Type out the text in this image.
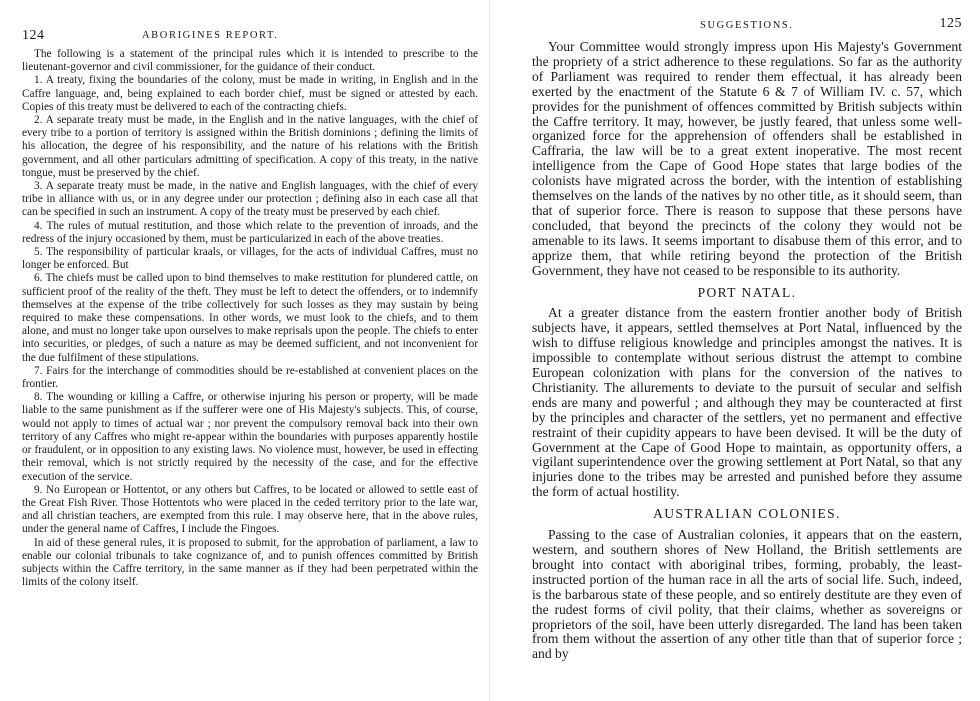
124	ABORIGINES REPORT.

The following is a statement of the principal rules which it is intended to prescribe to the lieutenant-governor and civil commissioner, for the guidance of their conduct.

1. A treaty, fixing the boundaries of the colony, must be made in writing, in English and in the Caffre language, and, being explained to each border chief, must be signed or attested by each. Copies of this treaty must be delivered to each of the contracting chiefs.

2. A separate treaty must be made, in the English and in the native languages, with the chief of every tribe to a portion of territory is assigned within the British dominions ; defining the limits of his allocation, the degree of his responsibility, and the nature of his relations with the British government, and all other particulars admitting of specification. A copy of this treaty, in the native tongue, must be preserved by the chief.

3. A separate treaty must be made, in the native and English languages, with the chief of every tribe in alliance with us, or in any degree under our protection ; defining also in each case all that can be specified in such an instrument. A copy of the treaty must be preserved by each chief.

4. The rules of mutual restitution, and those which relate to the prevention of inroads, and the redress of the injury occasioned by them, must be particularized in each of the above treaties.

5. The responsibility of particular kraals, or villages, for the acts of individual Caffres, must no longer be enforced. But

6. The chiefs must be called upon to bind themselves to make restitution for plundered cattle, on sufficient proof of the reality of the theft. They must be left to detect the offenders, or to indemnify themselves at the expense of the tribe collectively for such losses as they may sustain by being required to make these compensations. In other words, we must look to the chiefs, and to them alone, and must no longer take upon ourselves to make reprisals upon the people. The chiefs to enter into securities, or pledges, of such a nature as may be deemed sufficient, and not inconvenient for the due fulfilment of these stipulations.

7. Fairs for the interchange of commodities should be re-established at convenient places on the frontier.

8. The wounding or killing a Caffre, or otherwise injuring his person or property, will be made liable to the same punishment as if the sufferer were one of His Majesty's subjects. This, of course, would not apply to times of actual war ; nor prevent the compulsory removal back into their own territory of any Caffres who might re-appear within the boundaries with purposes apparently hostile or fraudulent, or in opposition to any existing laws. No violence must, however, be used in effecting their removal, which is not strictly required by the necessity of the case, and for the effective execution of the service.

9. No European or Hottentot, or any others but Caffres, to be located or allowed to settle east of the Great Fish River. Those Hottentots who were placed in the ceded territory prior to the late war, and all christian teachers, are exempted from this rule. I may observe here, that in the above rules, under the general name of Caffres, I include the Fingoes.

In aid of these general rules, it is proposed to submit, for the approbation of parliament, a law to enable our colonial tribunals to take cognizance of, and to punish offences committed by British subjects within the Caffre territory, in the same manner as if they had been perpetrated within the limits of the colony itself.

SUGGESTIONS.	125

Your Committee would strongly impress upon His Majesty's Government the propriety of a strict adherence to these regulations. So far as the authority of Parliament was required to render them effectual, it has already been exerted by the enactment of the Statute 6 & 7 of William IV. c. 57, which provides for the punishment of offences committed by British subjects within the Caffre territory. It may, however, be justly feared, that unless some well-organized force for the apprehension of offenders shall be established in Caffraria, the law will be to a great extent inoperative. The most recent intelligence from the Cape of Good Hope states that large bodies of the colonists have migrated across the border, with the intention of establishing themselves on the lands of the natives by no other title, as it should seem, than that of superior force. There is reason to suppose that these persons have concluded, that beyond the precincts of the colony they would not be amenable to its laws. It seems important to disabuse them of this error, and to apprize them, that while retiring beyond the protection of the British Government, they have not ceased to be responsible to its authority.

PORT NATAL.

At a greater distance from the eastern frontier another body of British subjects have, it appears, settled themselves at Port Natal, influenced by the wish to diffuse religious knowledge and principles amongst the natives. It is impossible to contemplate without serious distrust the attempt to combine European colonization with plans for the conversion of the natives to Christianity. The allurements to deviate to the pursuit of secular and selfish ends are many and powerful ; and although they may be counteracted at first by the principles and character of the settlers, yet no permanent and effective restraint of their cupidity appears to have been devised. It will be the duty of Government at the Cape of Good Hope to maintain, as opportunity offers, a vigilant superintendence over the growing settlement at Port Natal, so that any injuries done to the tribes may be arrested and punished before they assume the form of actual hostility.

AUSTRALIAN COLONIES.

Passing to the case of Australian colonies, it appears that on the eastern, western, and southern shores of New Holland, the British settlements are brought into contact with aboriginal tribes, forming, probably, the least-instructed portion of the human race in all the arts of social life. Such, indeed, is the barbarous state of these people, and so entirely destitute are they even of the rudest forms of civil polity, that their claims, whether as sovereigns or proprietors of the soil, have been utterly disregarded. The land has been taken from them without the assertion of any other title than that of superior force ; and by
